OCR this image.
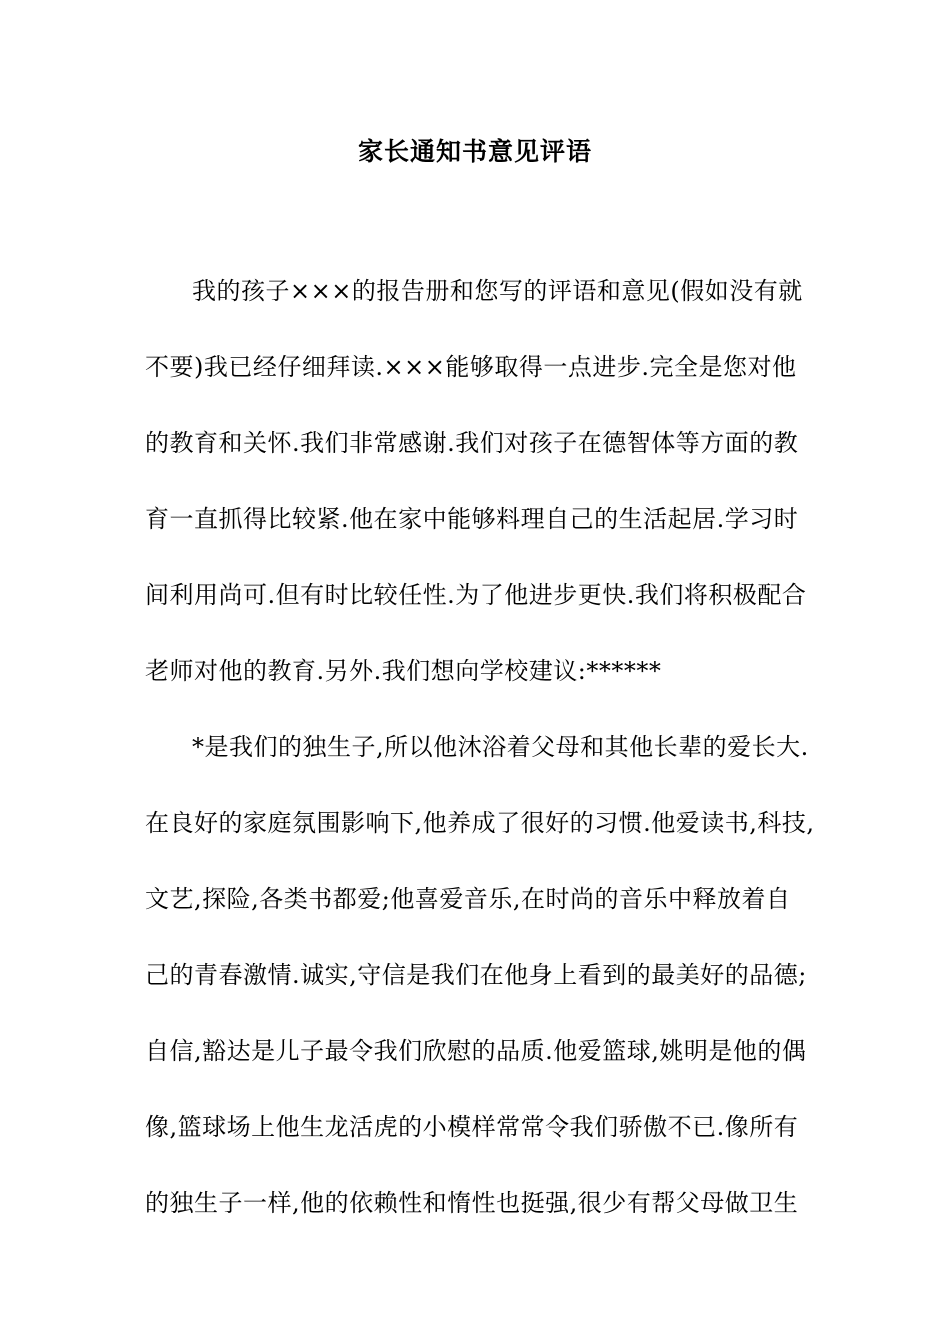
家长通知书意见评语
我的孩子×××的报告册和您写的评语和意见(假如没有就
不要)我已经仔细拜读.×××能够取得一点进步.完全是您对他
的教育和关怀.我们非常感谢.我们对孩子在德智体等方面的教
育一直抓得比较紧.他在家中能够料理自己的生活起居.学习时
间利用尚可.但有时比较任性.为了他进步更快.我们将积极配合
老师对他的教育.另外.我们想向学校建议:******
*是我们的独生子,所以他沐浴着父母和其他长辈的爱长大.
在良好的家庭氛围影响下,他养成了很好的习惯.他爱读书,科技,
文艺,探险,各类书都爱;他喜爱音乐,在时尚的音乐中释放着自
己的青春激情.诚实,守信是我们在他身上看到的最美好的品德;
自信,豁达是儿子最令我们欣慰的品质.他爱篮球,姚明是他的偶
像,篮球场上他生龙活虎的小模样常常令我们骄傲不已.像所有
的独生子一样,他的依赖性和惰性也挺强,很少有帮父母做卫生
